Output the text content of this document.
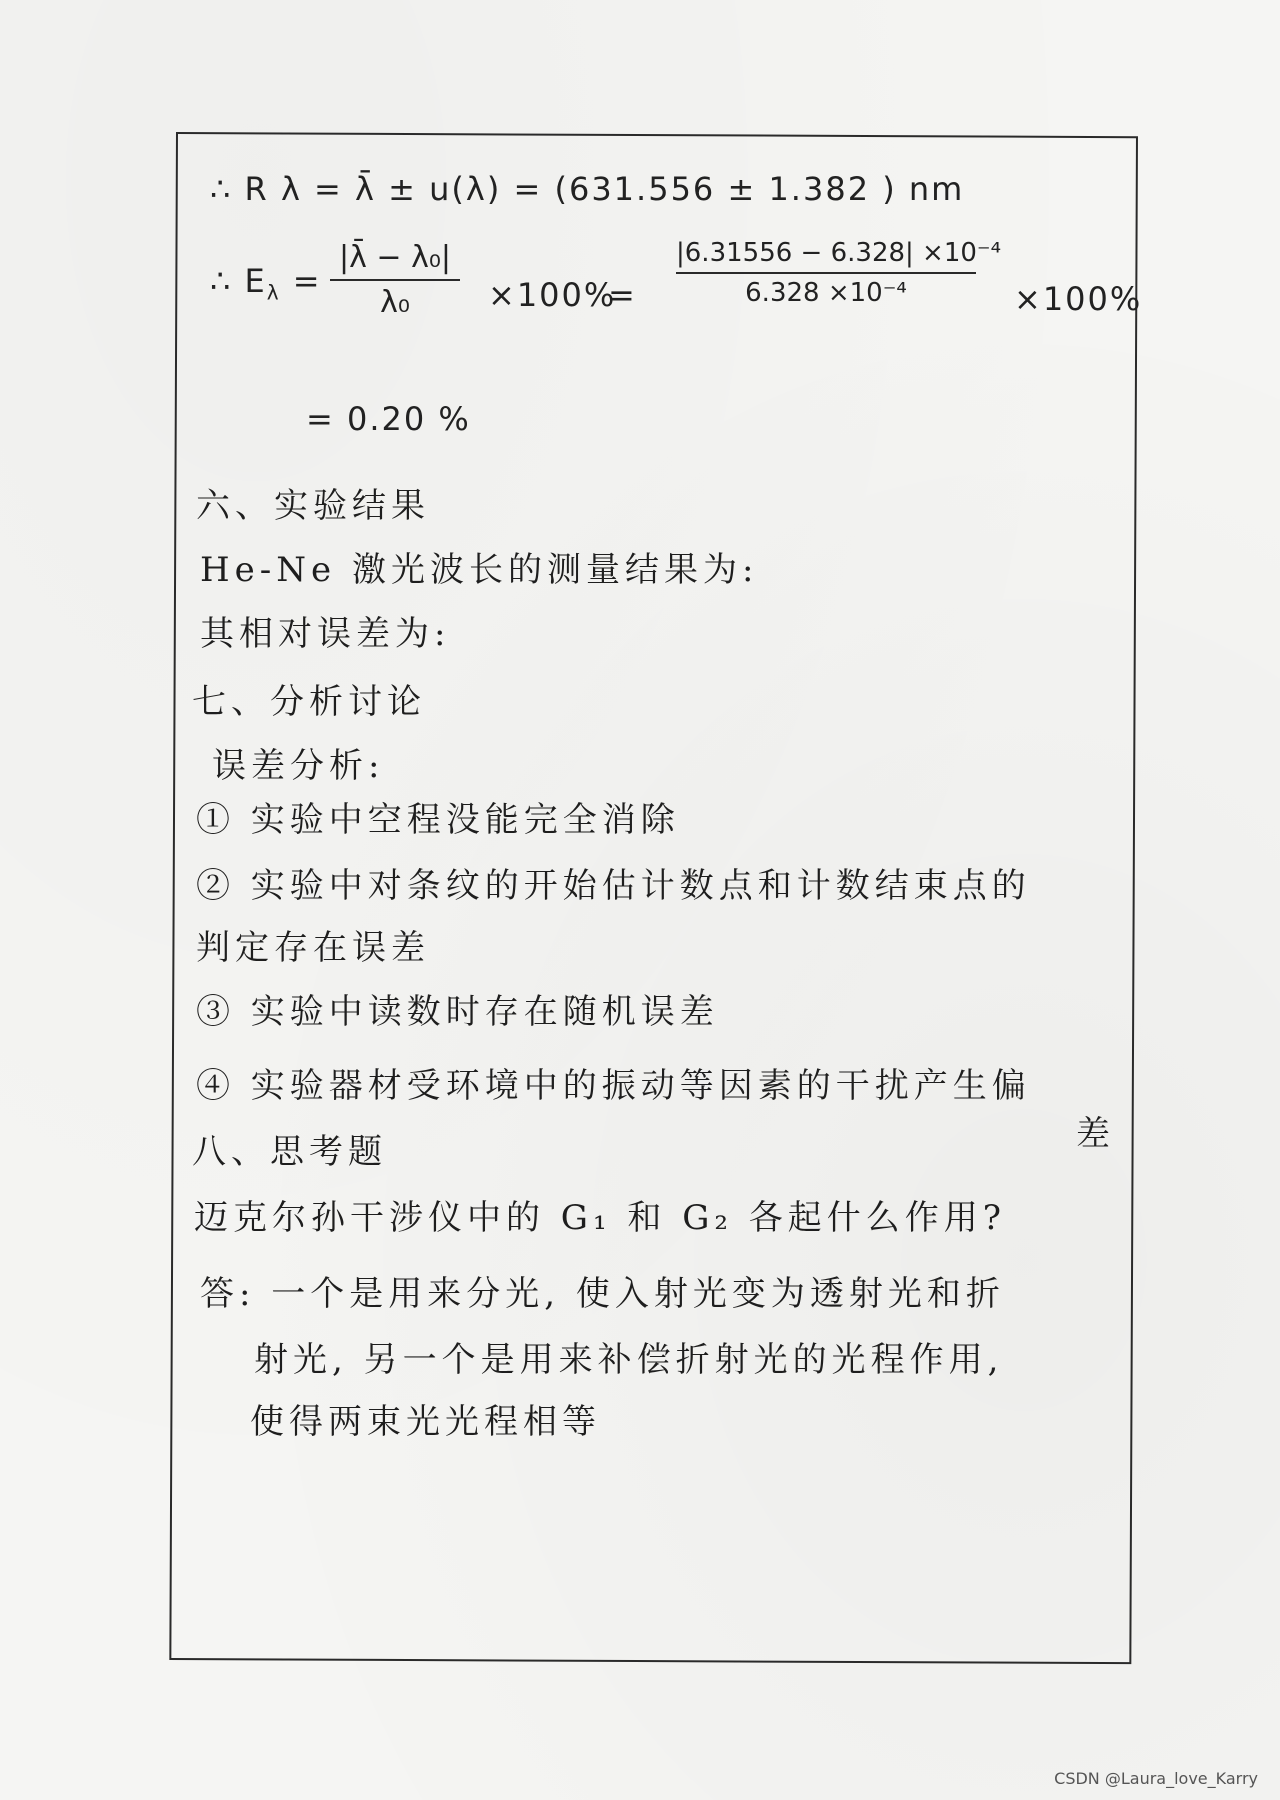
∴ R λ = λ̄ ± u(λ) = (631.556 ± 1.382 ) nm
∴ $E_\lambda$ =
|λ̄ − λ₀|
λ₀	×100%
=
|6.31556 − 6.328| ×10⁻⁴
6.328 ×10⁻⁴	×100%
= 0.20 %
六、实验结果
He-Ne 激光波长的测量结果为:
其相对误差为:
七、分析讨论
误差分析:
① 实验中空程没能完全消除
② 实验中对条纹的开始估计数点和计数结束点的
判定存在误差
③ 实验中读数时存在随机误差
④ 实验器材受环境中的振动等因素的干扰产生偏
差
八、思考题
迈克尔孙干涉仪中的 G₁ 和 G₂ 各起什么作用?
答: 一个是用来分光, 使入射光变为透射光和折
射光, 另一个是用来补偿折射光的光程作用,
使得两束光光程相等
CSDN @Laura_love_Karry
